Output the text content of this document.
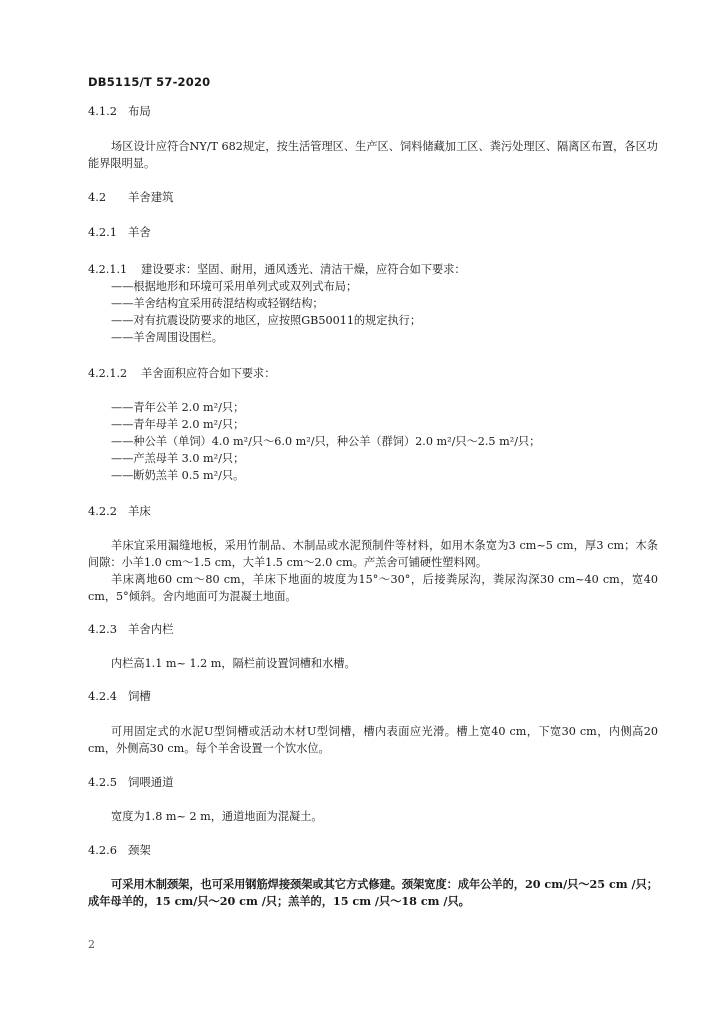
DB5115/T 57-2020
4.1.2 布局
场区设计应符合NY/T 682规定，按生活管理区、生产区、饲料储藏加工区、粪污处理区、隔离区布置，各区功能界限明显。
4.2 羊舍建筑
4.2.1 羊舍
4.2.1.1 建设要求：坚固、耐用，通风透光、清洁干燥，应符合如下要求：
——根据地形和环境可采用单列式或双列式布局；
——羊舍结构宜采用砖混结构或轻钢结构；
——对有抗震设防要求的地区，应按照GB50011的规定执行；
——羊舍周围设围栏。
4.2.1.2 羊舍面积应符合如下要求：
——青年公羊 2.0 m²/只；
——青年母羊 2.0 m²/只；
——种公羊（单饲）4.0 m²/只～6.0 m²/只，种公羊（群饲）2.0 m²/只～2.5 m²/只；
——产羔母羊 3.0 m²/只；
——断奶羔羊 0.5 m²/只。
4.2.2 羊床
羊床宜采用漏缝地板，采用竹制品、木制品或水泥预制件等材料，如用木条宽为3 cm~5 cm，厚3 cm；木条间隙：小羊1.0 cm～1.5 cm，大羊1.5 cm～2.0 cm。产羔舍可铺硬性塑料网。
羊床离地60 cm～80 cm，羊床下地面的坡度为15°～30°，后接粪尿沟，粪尿沟深30 cm~40 cm，宽40 cm，5°倾斜。舍内地面可为混凝土地面。
4.2.3 羊舍内栏
内栏高1.1 m~ 1.2 m，隔栏前设置饲槽和水槽。
4.2.4 饲槽
可用固定式的水泥U型饲槽或活动木材U型饲槽，槽内表面应光滑。槽上宽40 cm，下宽30 cm，内侧高20 cm，外侧高30 cm。每个羊舍设置一个饮水位。
4.2.5 饲喂通道
宽度为1.8 m~ 2 m，通道地面为混凝土。
4.2.6 颈架
可采用木制颈架，也可采用钢筋焊接颈架或其它方式修建。颈架宽度：成年公羊的，20 cm/只～25 cm /只；成年母羊的，15 cm/只～20 cm /只；羔羊的，15 cm /只～18 cm /只。
2
